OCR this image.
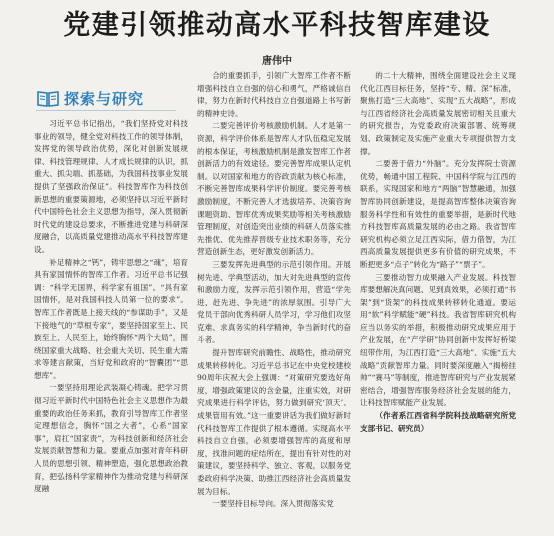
党建引领推动高水平科技智库建设
唐伟中
探索与研究

习近平总书记指出，“我们坚持党对科技事业的领导，健全党对科技工作的领导体制，发挥党的领导政治优势，深化对创新发展规律、科技管理规律、人才成长规律的认识，抓重大、抓尖端、抓基础，为我国科技事业发展提供了坚强政治保证”。科技智库作为科技创新思想的重要策源地，必须坚持以习近平新时代中国特色社会主义思想为指导，深入贯彻新时代党的建设总要求，不断推进党建与科研深度融合，以高质量党建推动高水平科技智库建设。

补足精神之“钙”，铸牢思想之“魂”，培育具有家国情怀的智库工作者。习近平总书记强调：“科学无国界，科学家有祖国”。“具有家国情怀，是对我国科技人员第一位的要求”。智库工作者既是上接天线的“参谋助手”，又是下接地气的“草根专家”，要坚持国家至上、民族至上、人民至上，始终胸怀“两个大局”，围绕国家重大战略、社会重大关切、民生重大需求等建言献策，当好党和政府的“智囊团”“思想库”。

一要坚持用理论武装凝心铸魂。把学习贯彻习近平新时代中国特色社会主义思想作为最重要的政治任务来抓，教育引导智库工作者坚定理想信念，胸怀“国之大者”，心系“国家事”，肩扛“国家责”，为科技创新和经济社会发展贡献智慧和力量。要重点加强对青年科研人员的思想引领、精神塑造，强化思想政治教育，把弘扬科学家精神作为推动党建与科研深度融

合的重要抓手，引领广大智库工作者不断增强科技自立自强的信心和勇气，严格诚信自律，努力在新时代科技自立自强道路上书写新的精神史诗。

二要完善评价考核激励机制。人才是第一资源，科学评价体系是智库人才队伍稳定发展的根本保证，考核激励机制是激发智库工作者创新活力的有效途径。要完善智库成果认定机制。以对国家和地方的咨政贡献为核心标准，不断完善智库成果科学评价制度。要完善考核激励制度，不断完善人才选拔培养、决策咨询课题资助、智库优秀成果奖励等相关考核激励管理制度，对创造突出业绩的科研人员落实推先推优、优先推荐晋级专业技术职务等，充分营造创新生态，更好激发创新活力。

三要发挥先进典型的示范引领作用。开展树先进、学典型活动，加大对先进典型的宣传和激励力度，发挥示范引领作用，营造“学先进、赶先进、争先进”的浓厚氛围。引导广大党员干部向优秀科研人员学习，学习他们攻坚克难、求真务实的科学精神，争当新时代的奋斗者。

提升智库研究前瞻性、战略性，推动研究成果转移转化。习近平总书记在中央党校建校90周年庆祝大会上强调：“对策研究要选好角度，增强政策建议的含金量，注重实效，对研究成果进行科学评估，努力做到研究‘顶天’、成果管用有效。”这一重要讲话为我们做好新时代科技智库工作提供了根本遵循。实现高水平科技自立自强，必须要增强智库的高度和厚度，找准问题的症结所在，提出有针对性的对策建议，要坚持科学、独立、客观，以服务党委政府科学决策、助推江西经济社会高质量发展为目标。

一要坚持目标导向。深入贯彻落实党

的二十大精神，围绕全面建设社会主义现代化江西目标任务，坚持“专、精、深”标准，聚焦打造“三大高地”、实现“五大战略”，形成与江西省经济社会高质量发展密切相关且重大的研究报告，为党委政府决策部署、统筹规划、政策制定及实施产业重大专项提供智力支撑。

二要善于借力“外脑”。充分发挥院士资源优势，畅通中国工程院、中国科学院与江西的联系，实现国家和地方“两脑”智慧融通，加强智库协同创新建设，是提高智库整体决策咨询服务科学性和有效性的重要举措，是新时代地方科技智库高质量发展的必由之路。我省智库研究机构必须立足江西实际，借力借智，为江西高质量发展提供更多有价值的研究成果，不断把更多“点子”转化为“路子”“票子”。

三要推动智力成果融入产业发展。科技智库要想解决真问题、见到真效果，必须打通“书架”到“货架”的科技成果转移转化通道。要运用“软”科学赋能“硬”科技。我省智库研究机构应当以务实的举措，积极推动研究成果应用于产业发展，在“产学研”协同创新中发挥好桥梁纽带作用，为江西打造“三大高地”、实施“五大战略”贡献智库力量。同时要深度融入“揭榜挂帅”“赛马”等制度，推进智库研究与产业发展紧密结合，增强智库服务经济社会发展的能力，让科技智库赋能产业发展。

（作者系江西省科学院科技战略研究所党支部书记、研究员）
